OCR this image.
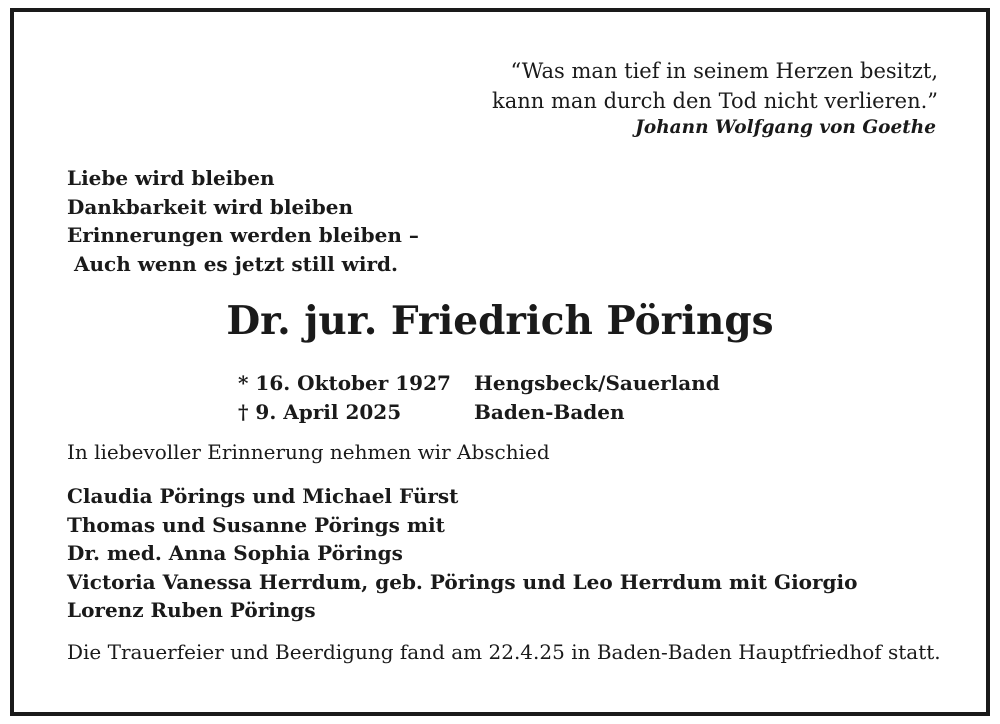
“Was man tief in seinem Herzen besitzt,
kann man durch den Tod nicht verlieren.”
Johann Wolfgang von Goethe
Liebe wird bleiben
Dankbarkeit wird bleiben
Erinnerungen werden bleiben –
Auch wenn es jetzt still wird.
Dr. jur. Friedrich Pörings
* 16. Oktober 1927
† 9. April 2025
Hengsbeck/Sauerland
Baden-Baden
In liebevoller Erinnerung nehmen wir Abschied
Claudia Pörings und Michael Fürst
Thomas und Susanne Pörings mit
Dr. med. Anna Sophia Pörings
Victoria Vanessa Herrdum, geb. Pörings und Leo Herrdum mit Giorgio
Lorenz Ruben Pörings
Die Trauerfeier und Beerdigung fand am 22.4.25 in Baden-Baden Hauptfriedhof statt.
